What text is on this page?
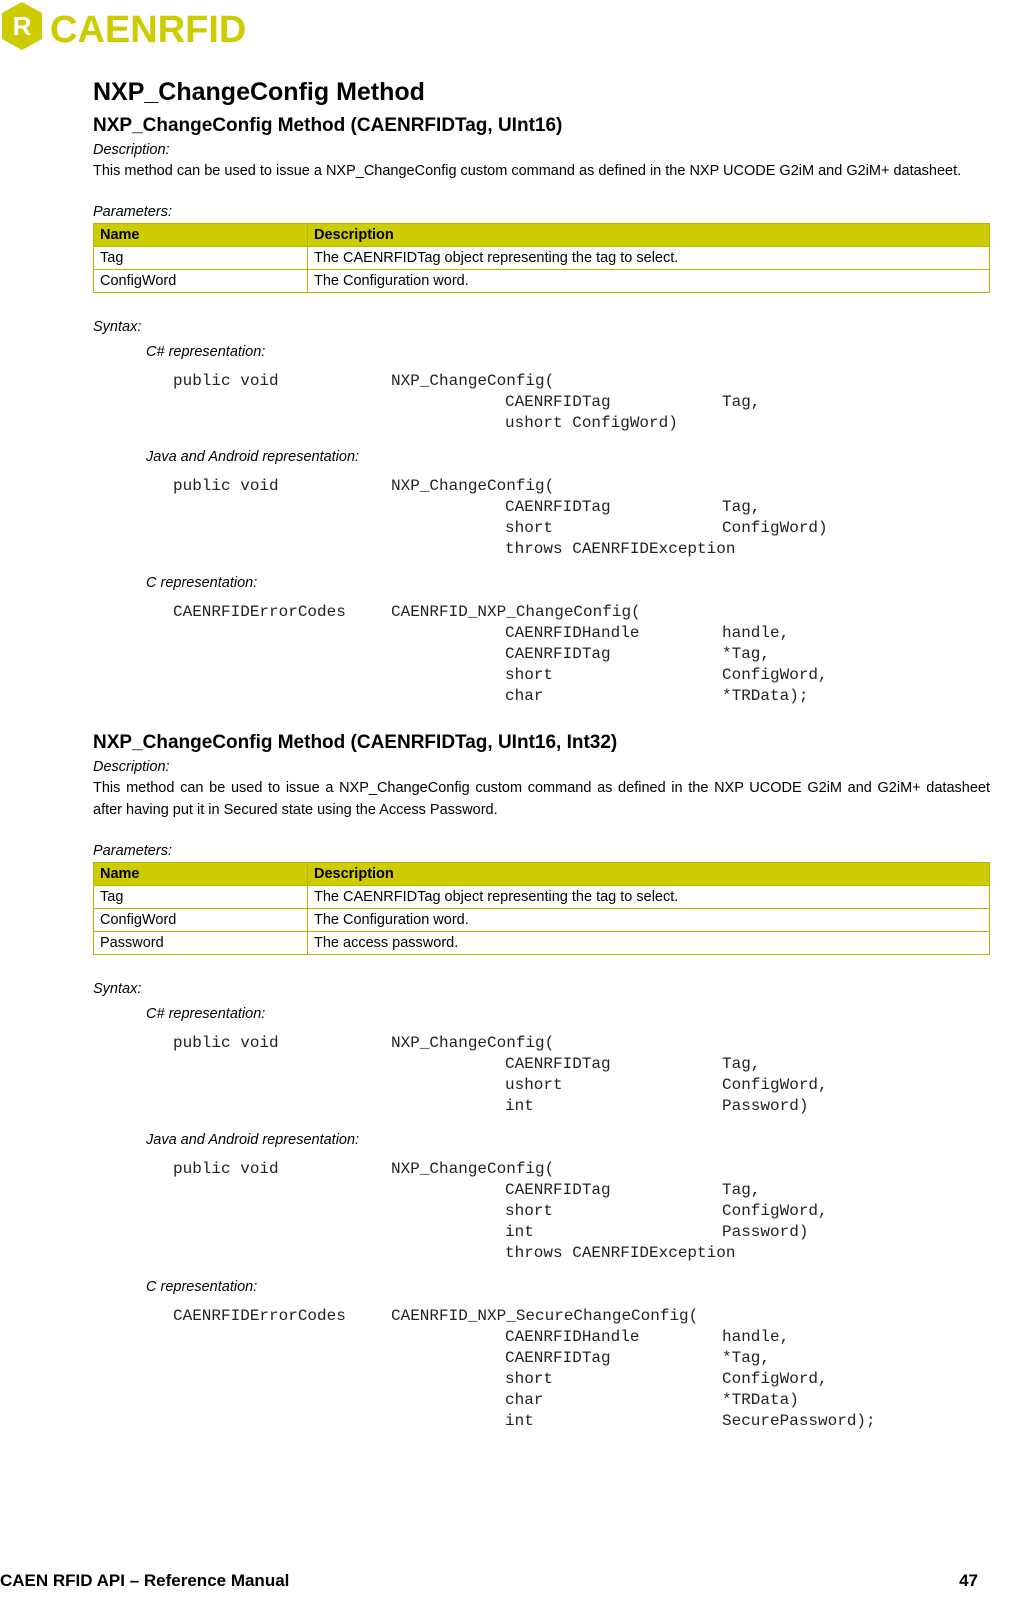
R CAENRFID
NXP_ChangeConfig Method
NXP_ChangeConfig Method (CAENRFIDTag, UInt16)
Description:

This method can be used to issue a NXP_ChangeConfig custom command as defined in the NXP UCODE G2iM and G2iM+ datasheet.

Parameters:
Name	Description
Tag	The CAENRFIDTag object representing the tag to select.
ConfigWord	The Configuration word.
Syntax:
C# representation:
public void	NXP_ChangeConfig(
CAENRFIDTag	Tag,
ushort ConfigWord)
Java and Android representation:
public void	NXP_ChangeConfig(
CAENRFIDTag	Tag,
short	ConfigWord)
throws CAENRFIDException
C representation:
CAENRFIDErrorCodes	CAENRFID_NXP_ChangeConfig(
CAENRFIDHandle	handle,
CAENRFIDTag	*Tag,
short	ConfigWord,
char	*TRData);
NXP_ChangeConfig Method (CAENRFIDTag, UInt16, Int32)
Description:

This method can be used to issue a NXP_ChangeConfig custom command as defined in the NXP UCODE G2iM and G2iM+ datasheet after having put it in Secured state using the Access Password.

Parameters:
Name	Description
Tag	The CAENRFIDTag object representing the tag to select.
ConfigWord	The Configuration word.
Password	The access password.
Syntax:
C# representation:
public void	NXP_ChangeConfig(
CAENRFIDTag	Tag,
ushort	ConfigWord,
int	Password)
Java and Android representation:
public void	NXP_ChangeConfig(
CAENRFIDTag	Tag,
short	ConfigWord,
int	Password)
throws CAENRFIDException
C representation:
CAENRFIDErrorCodes	CAENRFID_NXP_SecureChangeConfig(
CAENRFIDHandle	handle,
CAENRFIDTag	*Tag,
short	ConfigWord,
char	*TRData)
int	SecurePassword);
CAEN RFID API – Reference Manual	47
